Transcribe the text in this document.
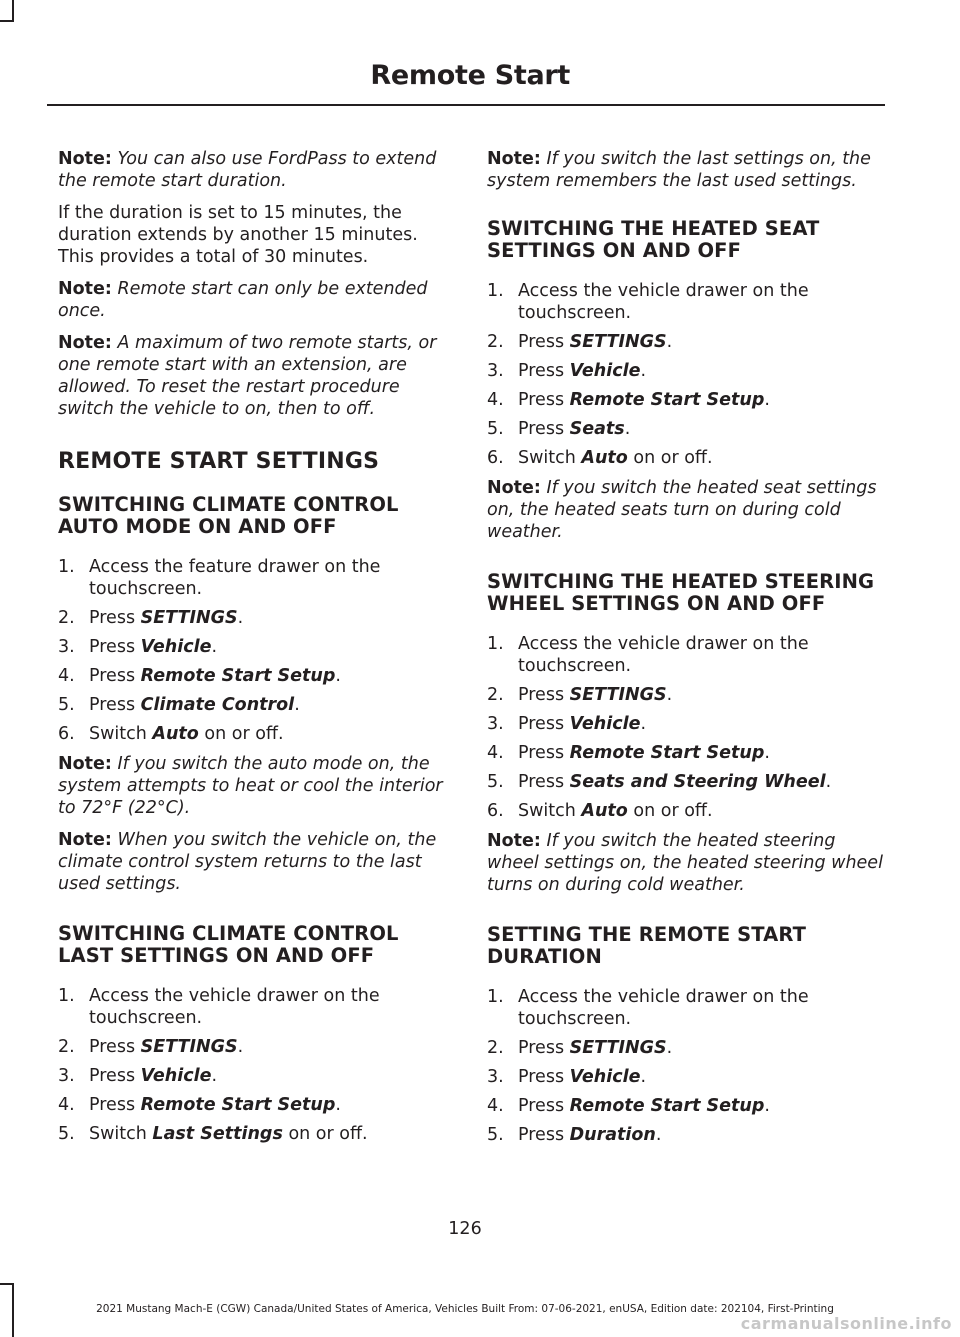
Remote Start

Note: You can also use FordPass to extend the remote start duration.

If the duration is set to 15 minutes, the duration extends by another 15 minutes. This provides a total of 30 minutes.

Note: Remote start can only be extended once.

Note: A maximum of two remote starts, or one remote start with an extension, are allowed. To reset the restart procedure switch the vehicle to on, then to off.

REMOTE START SETTINGS
SWITCHING CLIMATE CONTROL AUTO MODE ON AND OFF
1. Access the feature drawer on the touchscreen.
2. Press SETTINGS.
3. Press Vehicle.
4. Press Remote Start Setup.
5. Press Climate Control.
6. Switch Auto on or off.

Note: If you switch the auto mode on, the system attempts to heat or cool the interior to 72°F (22°C).

Note: When you switch the vehicle on, the climate control system returns to the last used settings.

SWITCHING CLIMATE CONTROL LAST SETTINGS ON AND OFF
1. Access the vehicle drawer on the touchscreen.
2. Press SETTINGS.
3. Press Vehicle.
4. Press Remote Start Setup.
5. Switch Last Settings on or off.

Note: If you switch the last settings on, the system remembers the last used settings.

SWITCHING THE HEATED SEAT SETTINGS ON AND OFF
1. Access the vehicle drawer on the touchscreen.
2. Press SETTINGS.
3. Press Vehicle.
4. Press Remote Start Setup.
5. Press Seats.
6. Switch Auto on or off.

Note: If you switch the heated seat settings on, the heated seats turn on during cold weather.

SWITCHING THE HEATED STEERING WHEEL SETTINGS ON AND OFF
1. Access the vehicle drawer on the touchscreen.
2. Press SETTINGS.
3. Press Vehicle.
4. Press Remote Start Setup.
5. Press Seats and Steering Wheel.
6. Switch Auto on or off.

Note: If you switch the heated steering wheel settings on, the heated steering wheel turns on during cold weather.

SETTING THE REMOTE START DURATION
1. Access the vehicle drawer on the touchscreen.
2. Press SETTINGS.
3. Press Vehicle.
4. Press Remote Start Setup.
5. Press Duration.
126
2021 Mustang Mach-E (CGW) Canada/United States of America, Vehicles Built From: 07-06-2021, enUSA, Edition date: 202104, First-Printing
carmanualsonline.info
